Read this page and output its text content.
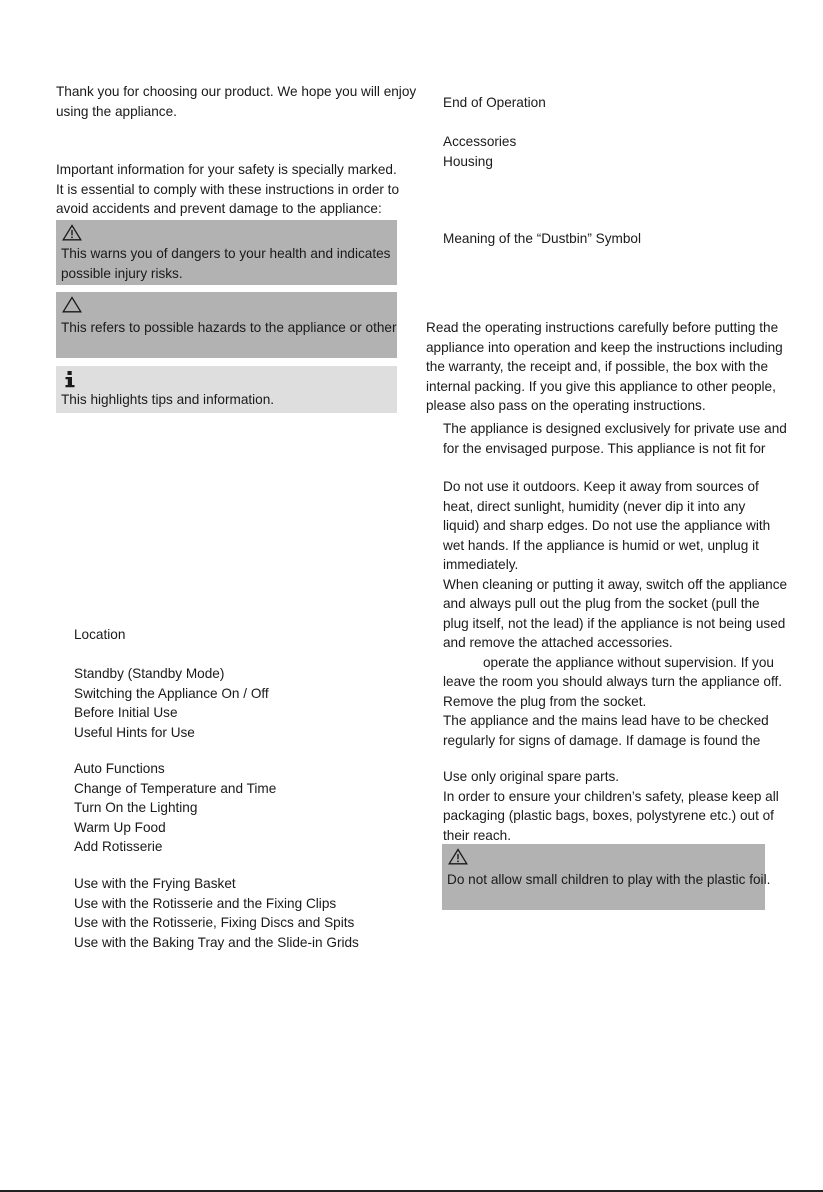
Thank you for choosing our product. We hope you will enjoy
using the appliance.
Important information for your safety is specially marked.
It is essential to comply with these instructions in order to
avoid accidents and prevent damage to the appliance:
This warns you of dangers to your health and indicates
possible injury risks.
This refers to possible hazards to the appliance or other
This highlights tips and information.
Location
Standby (Standby Mode)
Switching the Appliance On / Off
Before Initial Use
Useful Hints for Use
Auto Functions
Change of Temperature and Time
Turn On the Lighting
Warm Up Food
Add Rotisserie
Use with the Frying Basket
Use with the Rotisserie and the Fixing Clips
Use with the Rotisserie, Fixing Discs and Spits
Use with the Baking Tray and the Slide-in Grids
End of Operation
Accessories
Housing
Meaning of the “Dustbin” Symbol
Read the operating instructions carefully before putting the
appliance into operation and keep the instructions including
the warranty, the receipt and, if possible, the box with the
internal packing. If you give this appliance to other people,
please also pass on the operating instructions.
The appliance is designed exclusively for private use and
for the envisaged purpose. This appliance is not fit for
Do not use it outdoors. Keep it away from sources of
heat, direct sunlight, humidity (never dip it into any
liquid) and sharp edges. Do not use the appliance with
wet hands. If the appliance is humid or wet, unplug it
immediately.
When cleaning or putting it away, switch off the appliance
and always pull out the plug from the socket (pull the
plug itself, not the lead) if the appliance is not being used
and remove the attached accessories.
operate the appliance without supervision. If you
leave the room you should always turn the appliance off.
Remove the plug from the socket.
The appliance and the mains lead have to be checked
regularly for signs of damage. If damage is found the
Use only original spare parts.
In order to ensure your children’s safety, please keep all
packaging (plastic bags, boxes, polystyrene etc.) out of
their reach.
Do not allow small children to play with the plastic foil.
